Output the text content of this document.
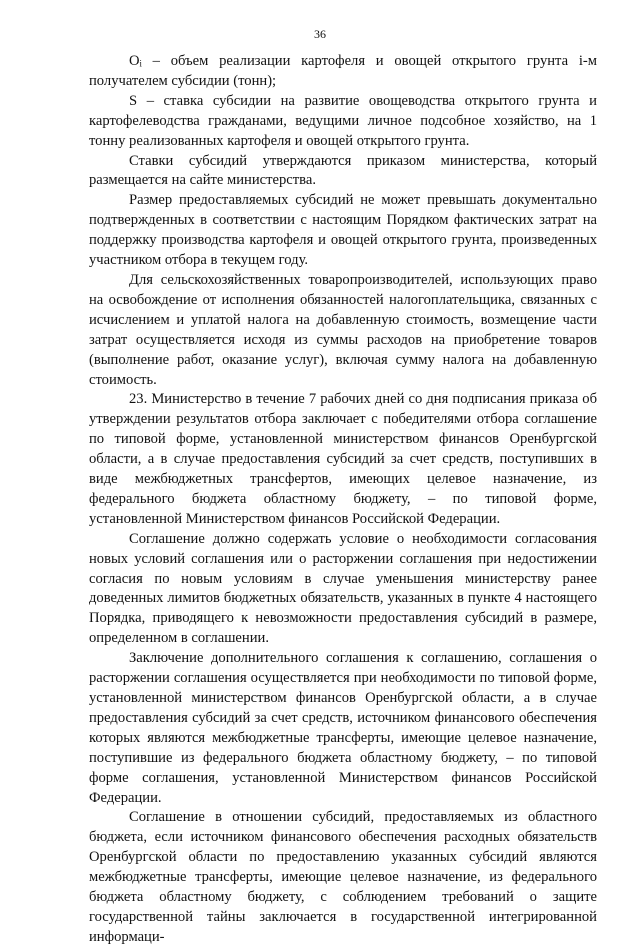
36

Oᵢ – объем реализации картофеля и овощей открытого грунта i-м получателем субсидии (тонн);

S – ставка субсидии на развитие овощеводства открытого грунта и картофелеводства гражданами, ведущими личное подсобное хозяйство, на 1 тонну реализованных картофеля и овощей открытого грунта.

Ставки субсидий утверждаются приказом министерства, который размещается на сайте министерства.

Размер предоставляемых субсидий не может превышать документально подтвержденных в соответствии с настоящим Порядком фактических затрат на поддержку производства картофеля и овощей открытого грунта, произведенных участником отбора в текущем году.

Для сельскохозяйственных товаропроизводителей, использующих право на освобождение от исполнения обязанностей налогоплательщика, связанных с исчислением и уплатой налога на добавленную стоимость, возмещение части затрат осуществляется исходя из суммы расходов на приобретение товаров (выполнение работ, оказание услуг), включая сумму налога на добавленную стоимость.

23. Министерство в течение 7 рабочих дней со дня подписания приказа об утверждении результатов отбора заключает с победителями отбора соглашение по типовой форме, установленной министерством финансов Оренбургской области, а в случае предоставления субсидий за счет средств, поступивших в виде межбюджетных трансфертов, имеющих целевое назначение, из федерального бюджета областному бюджету, – по типовой форме, установленной Министерством финансов Российской Федерации.

Соглашение должно содержать условие о необходимости согласования новых условий соглашения или о расторжении соглашения при недостижении согласия по новым условиям в случае уменьшения министерству ранее доведенных лимитов бюджетных обязательств, указанных в пункте 4 настоящего Порядка, приводящего к невозможности предоставления субсидий в размере, определенном в соглашении.

Заключение дополнительного соглашения к соглашению, соглашения о расторжении соглашения осуществляется при необходимости по типовой форме, установленной министерством финансов Оренбургской области, а в случае предоставления субсидий за счет средств, источником финансового обеспечения которых являются межбюджетные трансферты, имеющие целевое назначение, поступившие из федерального бюджета областному бюджету, – по типовой форме соглашения, установленной Министерством финансов Российской Федерации.

Соглашение в отношении субсидий, предоставляемых из областного бюджета, если источником финансового обеспечения расходных обязательств Оренбургской области по предоставлению указанных субсидий являются межбюджетные трансферты, имеющие целевое назначение, из федерального бюджета областному бюджету, с соблюдением требований о защите государственной тайны заключается в государственной интегрированной информаци-
